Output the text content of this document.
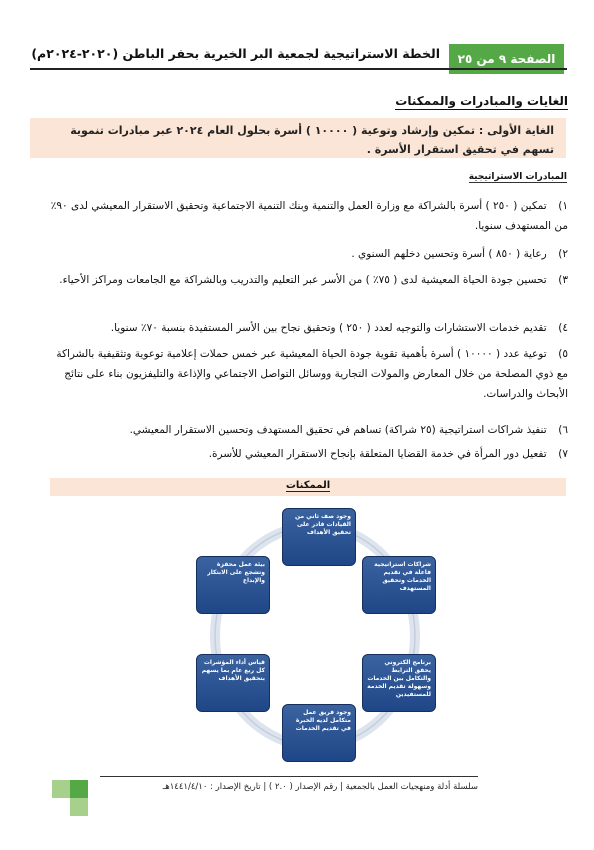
الصفحة ٩ من ٢٥
الخطة الاستراتيجية لجمعية البر الخيرية بحفر الباطن (٢٠٢٠-٢٠٢٤م)
الغايات والمبادرات والممكنات
الغاية الأولى : تمكين وإرشاد وتوعية ( ١٠٠٠٠ ) أسرة بحلول العام ٢٠٢٤ عبر مبادرات تنموية تسهم في تحقيق استقرار الأسرة .
المبادرات الاستراتيجية
١) تمكين ( ٢٥٠ ) أسرة بالشراكة مع وزارة العمل والتنمية وبنك التنمية الاجتماعية وتحقيق الاستقرار المعيشي لدى ٩٠٪ من المستهدف سنويا.
٢) رعاية ( ٨٥٠ ) أسرة وتحسين دخلهم السنوي .
٣) تحسين جودة الحياة المعيشية لدى ( ٧٥٪ ) من الأسر عبر التعليم والتدريب وبالشراكة مع الجامعات ومراكز الأحياء.
٤) تقديم خدمات الاستشارات والتوجيه لعدد ( ٢٥٠ ) وتحقيق نجاح بين الأسر المستفيدة بنسبة ٧٠٪ سنويا.
٥) توعية عدد ( ١٠٠٠٠ ) أسرة بأهمية تقوية جودة الحياة المعيشية عبر خمس حملات إعلامية توعوية وتثقيفية بالشراكة مع ذوي المصلحة من خلال المعارض والمولات التجارية ووسائل التواصل الاجتماعي والإذاعة والتليفزيون بناء على نتائج الأبحاث والدراسات.
٦) تنفيذ شراكات استراتيجية (٢٥ شراكة) تساهم في تحقيق المستهدف وتحسين الاستقرار المعيشي.
٧) تفعيل دور المرأة في خدمة القضايا المتعلقة بإنجاح الاستقرار المعيشي للأسرة.
الممكنات
وجود صف ثاني من القيادات قادر على تحقيق الأهداف
شراكات استراتيجية فاعلة في تقديم الخدمات وتحقيق المستهدف
برنامج الكتروني يحقق الترابط والتكامل بين الخدمات وسهولة تقديم الخدمة للمستفيدين
وجود فريق عمل متكامل لديه الخبرة في تقديم الخدمات
قياس أداء المؤشرات كل ربع عام بما يسهم بتحقيق الأهداف
بيئة عمل محفزة وتشجع على الابتكار والإبداع
سلسلة أدلة ومنهجيات العمل بالجمعية | رقم الإصدار ( ٢.٠ ) | تاريخ الإصدار : ١٤٤١/٤/١٠هـ
